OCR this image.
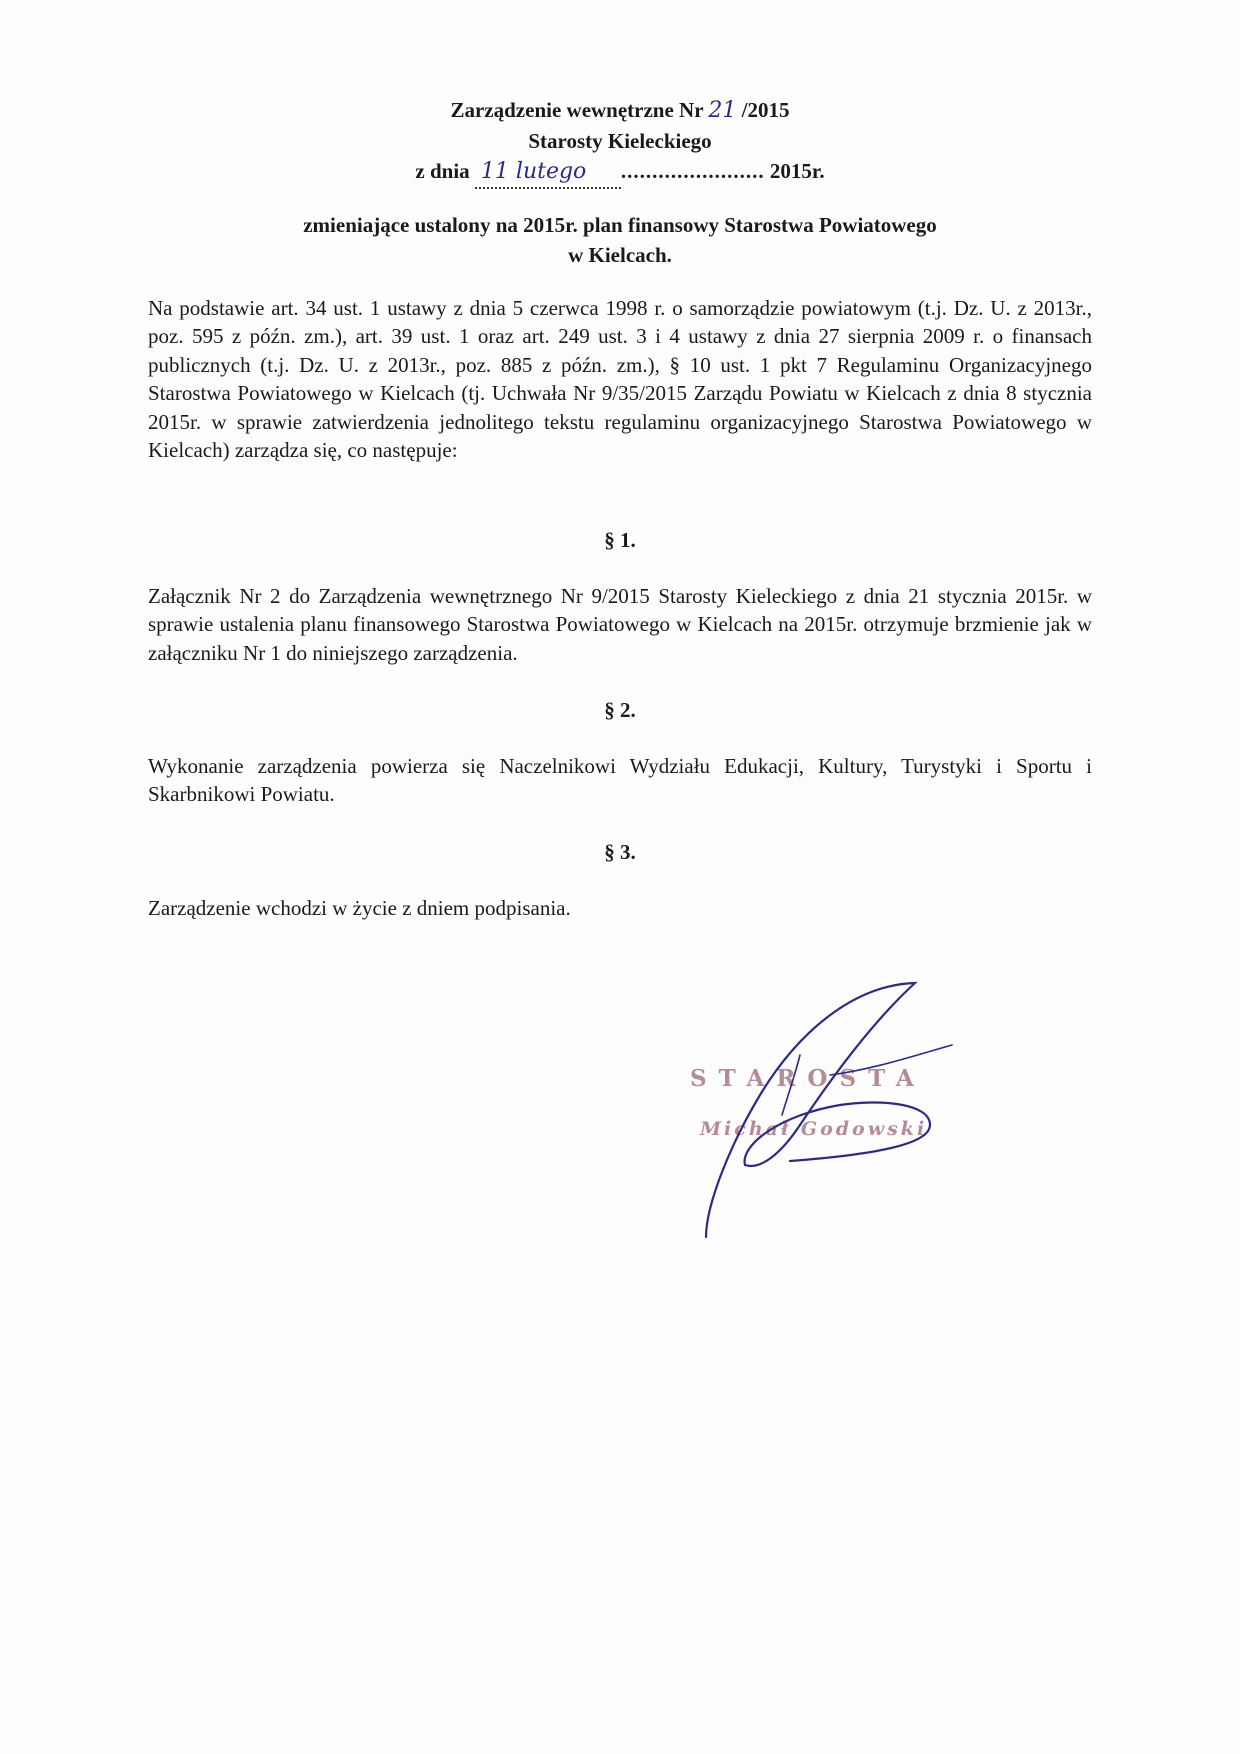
Zarządzenie wewnętrzne Nr 21 /2015
Starosty Kieleckiego
z dnia 11 lutego ....................... 2015r.
zmieniające ustalony na 2015r. plan finansowy Starostwa Powiatowego
w Kielcach.
Na podstawie art. 34 ust. 1 ustawy z dnia 5 czerwca 1998 r. o samorządzie powiatowym (t.j. Dz. U. z 2013r., poz. 595 z późn. zm.), art. 39 ust. 1 oraz art. 249 ust. 3 i 4 ustawy z dnia 27 sierpnia 2009 r. o finansach publicznych (t.j. Dz. U. z 2013r., poz. 885 z późn. zm.), § 10 ust. 1 pkt 7 Regulaminu Organizacyjnego Starostwa Powiatowego w Kielcach (tj. Uchwała Nr 9/35/2015 Zarządu Powiatu w Kielcach z dnia 8 stycznia 2015r. w sprawie zatwierdzenia jednolitego tekstu regulaminu organizacyjnego Starostwa Powiatowego w Kielcach) zarządza się, co następuje:
§ 1.
Załącznik Nr 2 do Zarządzenia wewnętrznego Nr 9/2015 Starosty Kieleckiego z dnia 21 stycznia 2015r. w sprawie ustalenia planu finansowego Starostwa Powiatowego w Kielcach na 2015r. otrzymuje brzmienie jak w załączniku Nr 1 do niniejszego zarządzenia.
§ 2.
Wykonanie zarządzenia powierza się Naczelnikowi Wydziału Edukacji, Kultury, Turystyki i Sportu i Skarbnikowi Powiatu.
§ 3.
Zarządzenie wchodzi w życie z dniem podpisania.
STAROSTA
Michał Godowski
